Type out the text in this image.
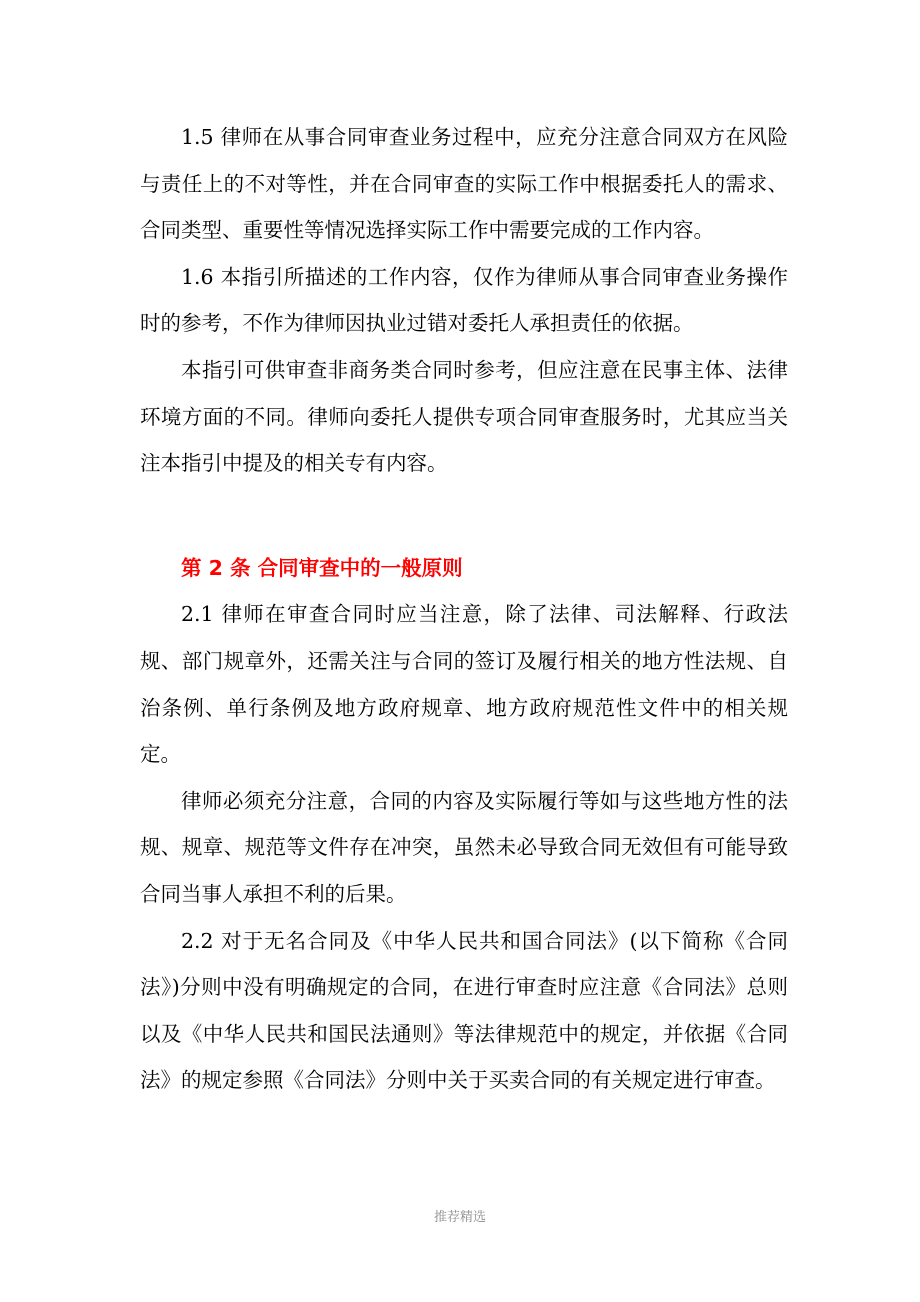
1.5 律师在从事合同审查业务过程中，应充分注意合同双方在风险与责任上的不对等性，并在合同审查的实际工作中根据委托人的需求、合同类型、重要性等情况选择实际工作中需要完成的工作内容。

1.6 本指引所描述的工作内容，仅作为律师从事合同审查业务操作时的参考，不作为律师因执业过错对委托人承担责任的依据。

本指引可供审查非商务类合同时参考，但应注意在民事主体、法律环境方面的不同。律师向委托人提供专项合同审查服务时，尤其应当关注本指引中提及的相关专有内容。

第 2 条 合同审查中的一般原则

2.1 律师在审查合同时应当注意，除了法律、司法解释、行政法规、部门规章外，还需关注与合同的签订及履行相关的地方性法规、自治条例、单行条例及地方政府规章、地方政府规范性文件中的相关规定。

律师必须充分注意，合同的内容及实际履行等如与这些地方性的法规、规章、规范等文件存在冲突，虽然未必导致合同无效但有可能导致合同当事人承担不利的后果。

2.2 对于无名合同及《中华人民共和国合同法》(以下简称《合同法》)分则中没有明确规定的合同，在进行审查时应注意《合同法》总则以及《中华人民共和国民法通则》等法律规范中的规定，并依据《合同法》的规定参照《合同法》分则中关于买卖合同的有关规定进行审查。

推荐精选
